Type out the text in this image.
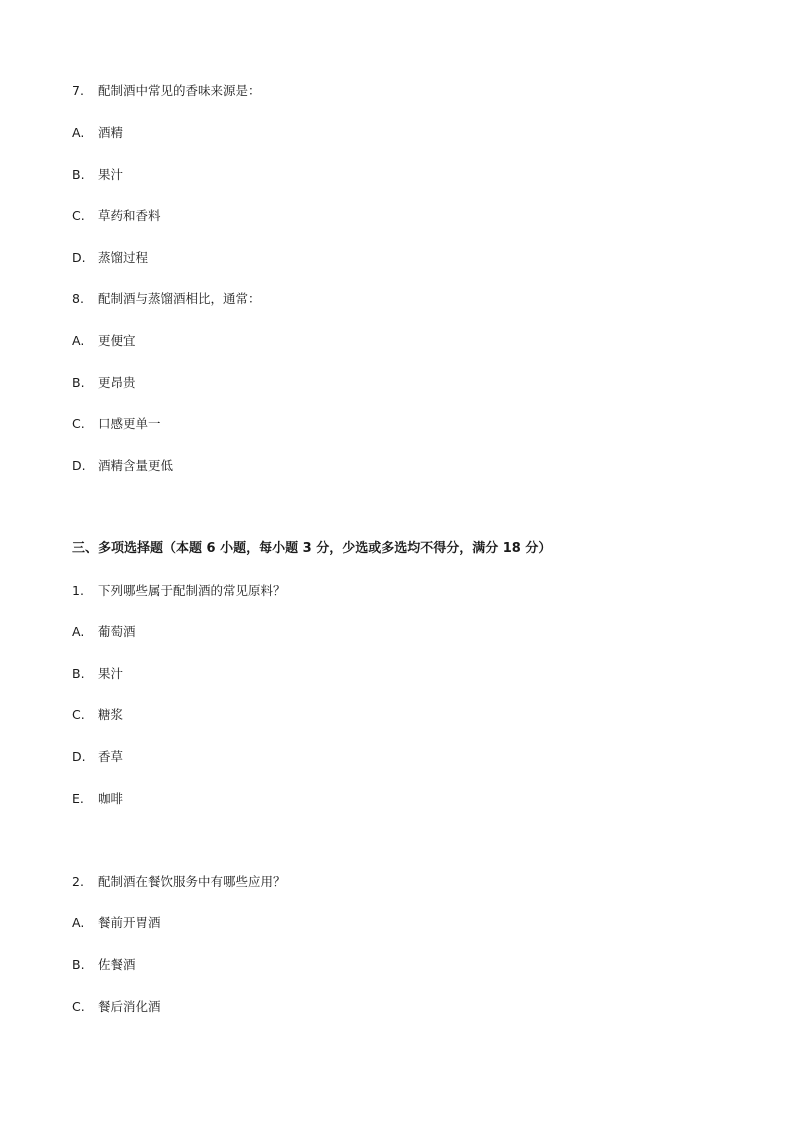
7. 配制酒中常见的香味来源是：
A. 酒精
B. 果汁
C. 草药和香料
D. 蒸馏过程
8. 配制酒与蒸馏酒相比，通常：
A. 更便宜
B. 更昂贵
C. 口感更单一
D. 酒精含量更低
三、多项选择题（本题 6 小题，每小题 3 分，少选或多选均不得分，满分 18 分）
1. 下列哪些属于配制酒的常见原料？
A. 葡萄酒
B. 果汁
C. 糖浆
D. 香草
E. 咖啡
2. 配制酒在餐饮服务中有哪些应用？
A. 餐前开胃酒
B. 佐餐酒
C. 餐后消化酒
